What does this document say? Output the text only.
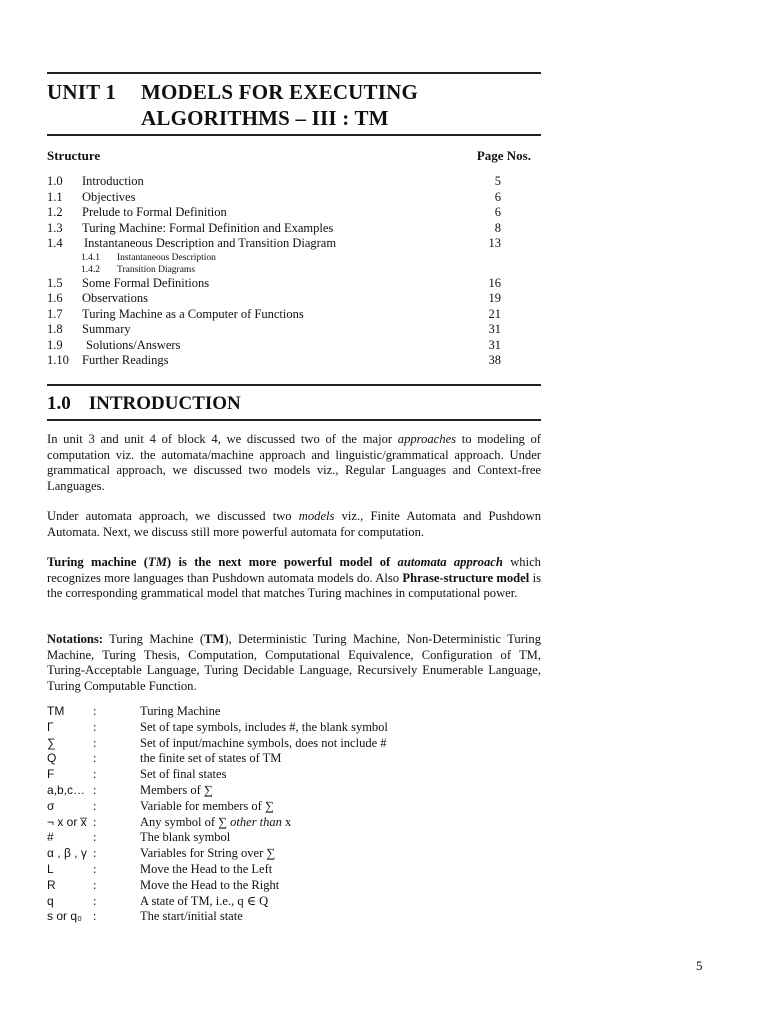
UNIT 1 MODELS FOR EXECUTING
ALGORITHMS – III : TM
Structure	Page Nos.
1.0 Introduction	5
1.1 Objectives	6
1.2 Prelude to Formal Definition	6
1.3 Turing Machine: Formal Definition and Examples	8
1.4 Instantaneous Description and Transition Diagram	13
1.4.1 Instantaneous Description
1.4.2 Transition Diagrams
1.5 Some Formal Definitions	16
1.6 Observations	19
1.7 Turing Machine as a Computer of Functions	21
1.8 Summary	31
1.9 Solutions/Answers	31
1.10 Further Readings	38
1.0 INTRODUCTION
In unit 3 and unit 4 of block 4, we discussed two of the major approaches to modeling of computation viz. the automata/machine approach and linguistic/grammatical approach. Under grammatical approach, we discussed two models viz., Regular Languages and Context-free Languages.
Under automata approach, we discussed two models viz., Finite Automata and Pushdown Automata. Next, we discuss still more powerful automata for computation.
Turing machine (TM) is the next more powerful model of automata approach which recognizes more languages than Pushdown automata models do. Also Phrase-structure model is the corresponding grammatical model that matches Turing machines in computational power.
Notations: Turing Machine (TM), Deterministic Turing Machine, Non-Deterministic Turing Machine, Turing Thesis, Computation, Computational Equivalence, Configuration of TM, Turing-Acceptable Language, Turing Decidable Language, Recursively Enumerable Language, Turing Computable Function.
TM :	Turing Machine
Γ	:	Set of tape symbols, includes #, the blank symbol
∑	:	Set of input/machine symbols, does not include #
Q	:	the finite set of states of TM
F	:	Set of final states
a,b,c… :	Members of ∑
σ	:	Variable for members of ∑
¬ x or x̅ :	Any symbol of ∑ other than x
#	:	The blank symbol
α , β , γ :	Variables for String over ∑
L	:	Move the Head to the Left
R	:	Move the Head to the Right
q	:	A state of TM, i.e., q ∈ Q
s or q₀ :	The start/initial state
5
